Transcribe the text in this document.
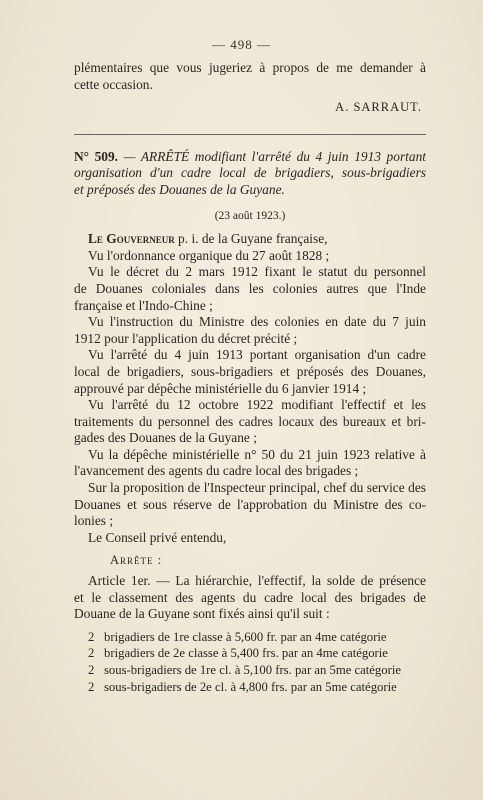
— 498 —
plémentaires que vous jugeriez à propos de me demander à
cette occasion.
A. SARRAUT.
N° 509. — ARRÊTÉ modifiant l'arrêté du 4 juin 1913 portant
organisation d'un cadre local de brigadiers, sous-brigadiers
et préposés des Douanes de la Guyane.
(23 août 1923.)
Le Gouverneur p. i. de la Guyane française,
Vu l'ordonnance organique du 27 août 1828 ;
Vu le décret du 2 mars 1912 fixant le statut du personnel
de Douanes coloniales dans les colonies autres que l'Inde
française et l'Indo-Chine ;
Vu l'instruction du Ministre des colonies en date du 7 juin
1912 pour l'application du décret précité ;
Vu l'arrêté du 4 juin 1913 portant organisation d'un cadre
local de brigadiers, sous-brigadiers et préposés des Douanes,
approuvé par dépêche ministérielle du 6 janvier 1914 ;
Vu l'arrêté du 12 octobre 1922 modifiant l'effectif et les
traitements du personnel des cadres locaux des bureaux et bri-
gades des Douanes de la Guyane ;
Vu la dépêche ministérielle n° 50 du 21 juin 1923 relative à
l'avancement des agents du cadre local des brigades ;
Sur la proposition de l'Inspecteur principal, chef du service des
Douanes et sous réserve de l'approbation du Ministre des co-
lonies ;
Le Conseil privé entendu,
Arrête :
Article 1er. — La hiérarchie, l'effectif, la solde de présence
et le classement des agents du cadre local des brigades de
Douane de la Guyane sont fixés ainsi qu'il suit :
2 brigadiers de 1re classe à 5,600 fr. par an 4me catégorie
2 brigadiers de 2e classe à 5,400 frs. par an 4me catégorie
2 sous-brigadiers de 1re cl. à 5,100 frs. par an 5me catégorie
2 sous-brigadiers de 2e cl. à 4,800 frs. par an 5me catégorie
